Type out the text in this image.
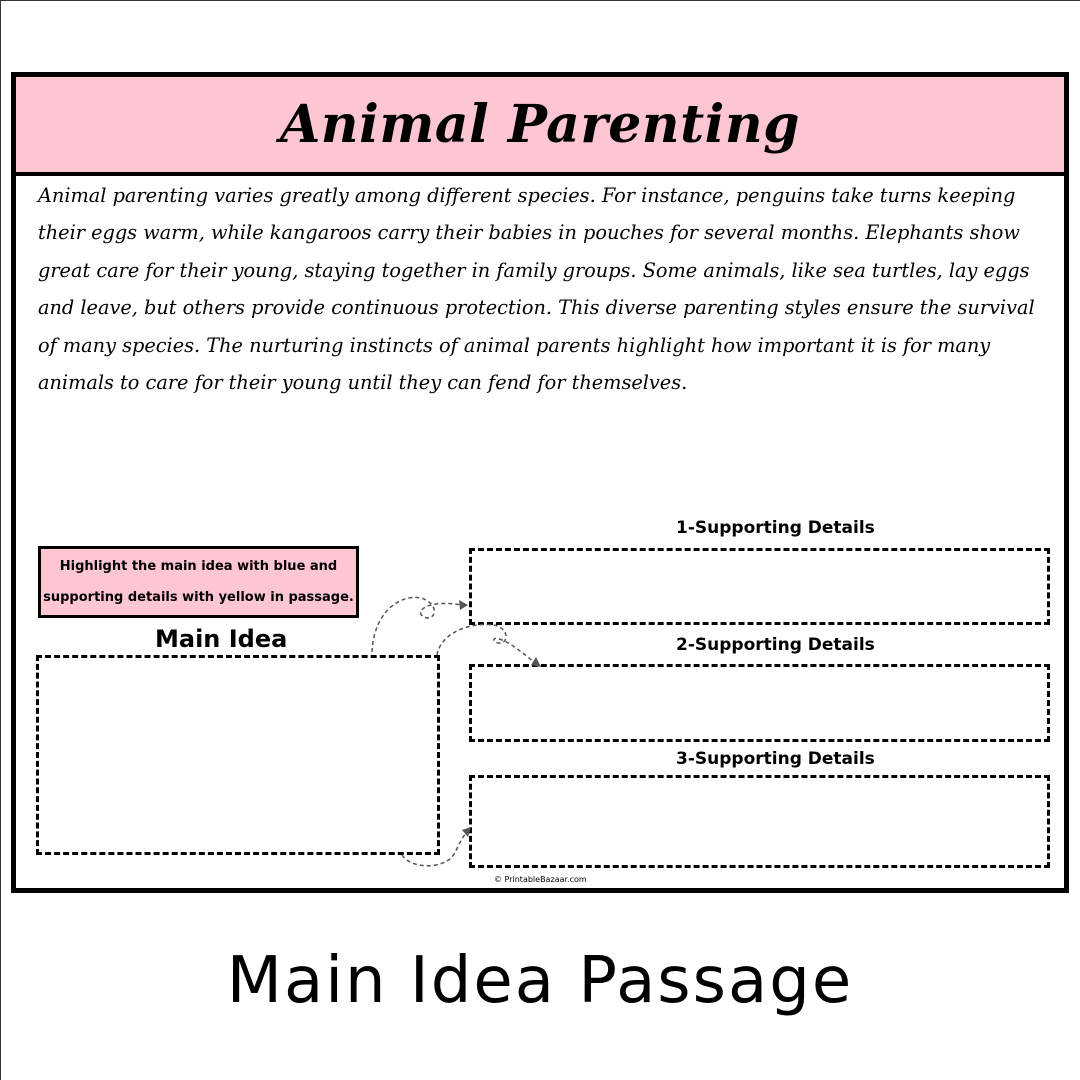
Animal Parenting

Animal parenting varies greatly among different species. For instance, penguins take turns keeping their eggs warm, while kangaroos carry their babies in pouches for several months. Elephants show great care for their young, staying together in family groups. Some animals, like sea turtles, lay eggs and leave, but others provide continuous protection. This diverse parenting styles ensure the survival of many species. The nurturing instincts of animal parents highlight how important it is for many animals to care for their young until they can fend for themselves.

Highlight the main idea with blue and
supporting details with yellow in passage.
Main Idea
1-Supporting Details
2-Supporting Details
3-Supporting Details
© PrintableBazaar.com
Main Idea Passage
